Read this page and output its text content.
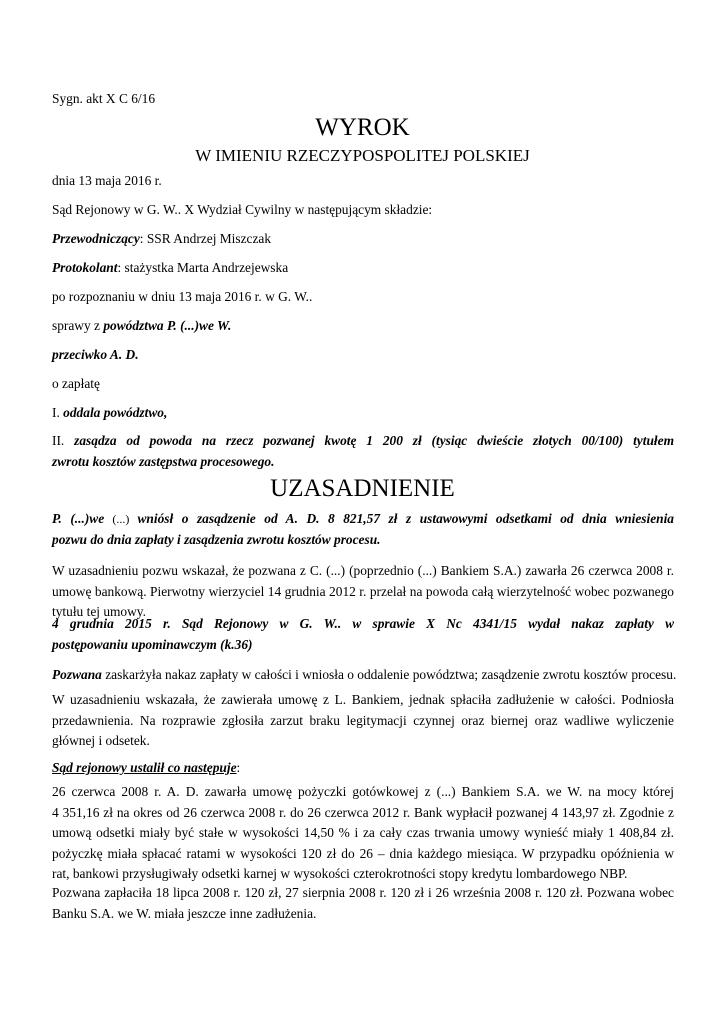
Sygn. akt X C 6/16
WYROK
W IMIENIU RZECZYPOSPOLITEJ POLSKIEJ
dnia 13 maja 2016 r.
Sąd Rejonowy w G. W.. X Wydział Cywilny w następującym składzie:
Przewodniczący: SSR Andrzej Miszczak
Protokolant: stażystka Marta Andrzejewska
po rozpoznaniu w dniu 13 maja 2016 r. w G. W..
sprawy z powództwa P. (...)we W.
przeciwko A. D.
o zapłatę
I. oddala powództwo,
II. zasądza od powoda na rzecz pozwanej kwotę 1 200 zł (tysiąc dwieście złotych 00/100) tytułem
zwrotu kosztów zastępstwa procesowego.
UZASADNIENIE
P. (...)we (...) wniósł o zasądzenie od A. D. 8 821,57 zł z ustawowymi odsetkami od dnia wniesienia
pozwu do dnia zapłaty i zasądzenia zwrotu kosztów procesu.
W uzasadnieniu pozwu wskazał, że pozwana z C. (...) (poprzednio (...) Bankiem S.A.) zawarła 26 czerwca 2008 r.
umowę bankową. Pierwotny wierzyciel 14 grudnia 2012 r. przelał na powoda całą wierzytelność wobec pozwanego
tytułu tej umowy.
4 grudnia 2015 r. Sąd Rejonowy w G. W.. w sprawie X Nc 4341/15 wydał nakaz zapłaty w
postępowaniu upominawczym (k.36)
Pozwana zaskarżyła nakaz zapłaty w całości i wniosła o oddalenie powództwa; zasądzenie zwrotu kosztów procesu.
W uzasadnieniu wskazała, że zawierała umowę z L. Bankiem, jednak spłaciła zadłużenie w całości. Podniosła
przedawnienia. Na rozprawie zgłosiła zarzut braku legitymacji czynnej oraz biernej oraz wadliwe wyliczenie
głównej i odsetek.
Sąd rejonowy ustalił co następuje:
26 czerwca 2008 r. A. D. zawarła umowę pożyczki gotówkowej z (...) Bankiem S.A. we W. na mocy której
4 351,16 zł na okres od 26 czerwca 2008 r. do 26 czerwca 2012 r. Bank wypłacił pozwanej 4 143,97 zł. Zgodnie z
umową odsetki miały być stałe w wysokości 14,50 % i za cały czas trwania umowy wynieść miały 1 408,84 zł.
pożyczkę miała spłacać ratami w wysokości 120 zł do 26 – dnia każdego miesiąca. W przypadku opóźnienia w
rat, bankowi przysługiwały odsetki karnej w wysokości czterokrotności stopy kredytu lombardowego NBP.
Pozwana zapłaciła 18 lipca 2008 r. 120 zł, 27 sierpnia 2008 r. 120 zł i 26 września 2008 r. 120 zł. Pozwana wobec
Banku S.A. we W. miała jeszcze inne zadłużenia.
